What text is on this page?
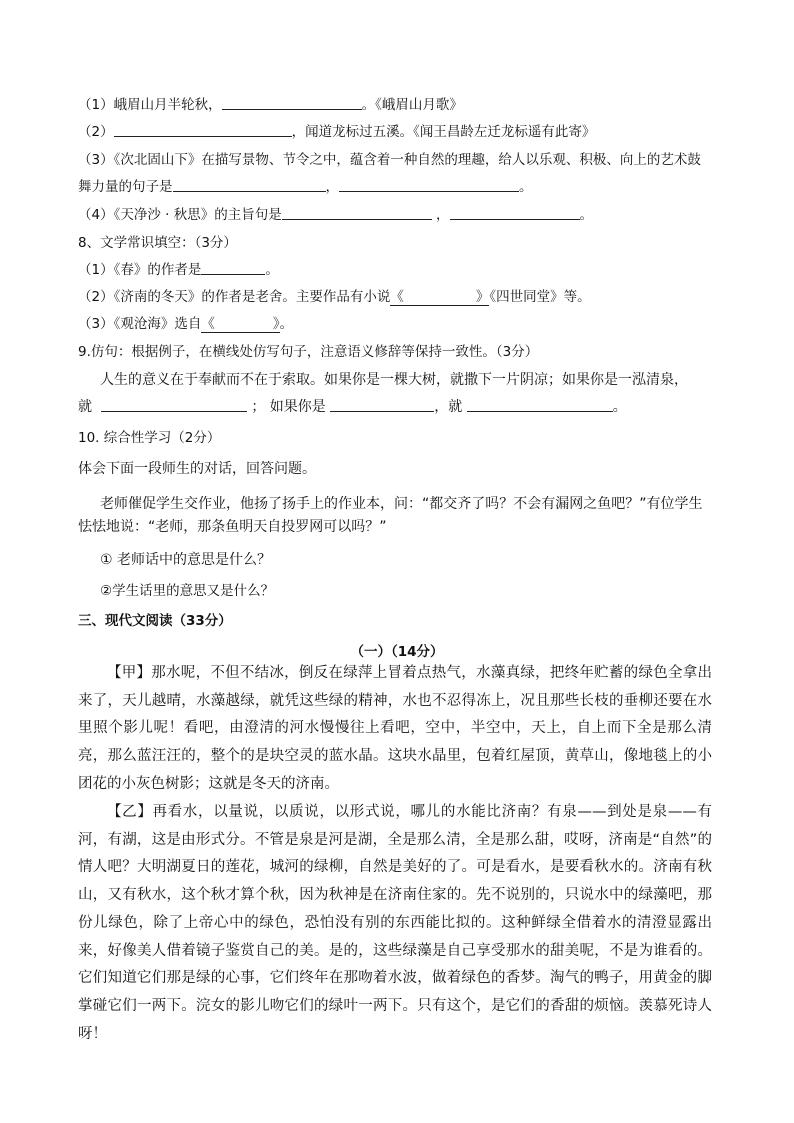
（1）峨眉山月半轮秋，	。《峨眉山月歌》
（2）	，闻道龙标过五溪。《闻王昌龄左迁龙标遥有此寄》
（3）《次北固山下》在描写景物、节令之中，蕴含着一种自然的理趣，给人以乐观、积极、向上的艺术鼓
舞力量的句子是	，	。
（4）《天净沙 · 秋思》的主旨句是	，	。
8、文学常识填空：（3分）
（1）《春》的作者是	。
（2）《济南的冬天》的作者是老舍。主要作品有小说《	》《四世同堂》等。
（3）《观沧海》选自《	》。
9.仿句：根据例子，在横线处仿写句子，注意语义修辞等保持一致性。（3分）
人生的意义在于奉献而不在于索取。如果你是一棵大树，就撒下一片阴凉；如果你是一泓清泉，
就	； 如果你是	，就	。
10. 综合性学习（2分）
体会下面一段师生的对话，回答问题。
老师催促学生交作业，他扬了扬手上的作业本，问：“都交齐了吗？不会有漏网之鱼吧？”有位学生
怯怯地说：“老师，那条鱼明天自投罗网可以吗？”
① 老师话中的意思是什么？
②学生话里的意思又是什么？
三、现代文阅读（33分）
（一）（14分）
【甲】那水呢，不但不结冰，倒反在绿萍上冒着点热气，水藻真绿，把终年贮蓄的绿色全拿出来了，天儿越晴，水藻越绿，就凭这些绿的精神，水也不忍得冻上，况且那些长枝的垂柳还要在水里照个影儿呢！看吧，由澄清的河水慢慢往上看吧，空中，半空中，天上，自上而下全是那么清亮，那么蓝汪汪的，整个的是块空灵的蓝水晶。这块水晶里，包着红屋顶，黄草山，像地毯上的小团花的小灰色树影；这就是冬天的济南。
【乙】再看水，以量说，以质说，以形式说，哪儿的水能比济南？有泉——到处是泉——有河，有湖，这是由形式分。不管是泉是河是湖，全是那么清，全是那么甜，哎呀，济南是“自然”的情人吧？大明湖夏日的莲花，城河的绿柳，自然是美好的了。可是看水，是要看秋水的。济南有秋山，又有秋水，这个秋才算个秋，因为秋神是在济南住家的。先不说别的，只说水中的绿藻吧，那份儿绿色，除了上帝心中的绿色，恐怕没有别的东西能比拟的。这种鲜绿全借着水的清澄显露出来，好像美人借着镜子鉴赏自己的美。是的，这些绿藻是自己享受那水的甜美呢，不是为谁看的。它们知道它们那是绿的心事，它们终年在那吻着水波，做着绿色的香梦。淘气的鸭子，用黄金的脚掌碰它们一两下。浣女的影儿吻它们的绿叶一两下。只有这个，是它们的香甜的烦恼。羡慕死诗人呀！
